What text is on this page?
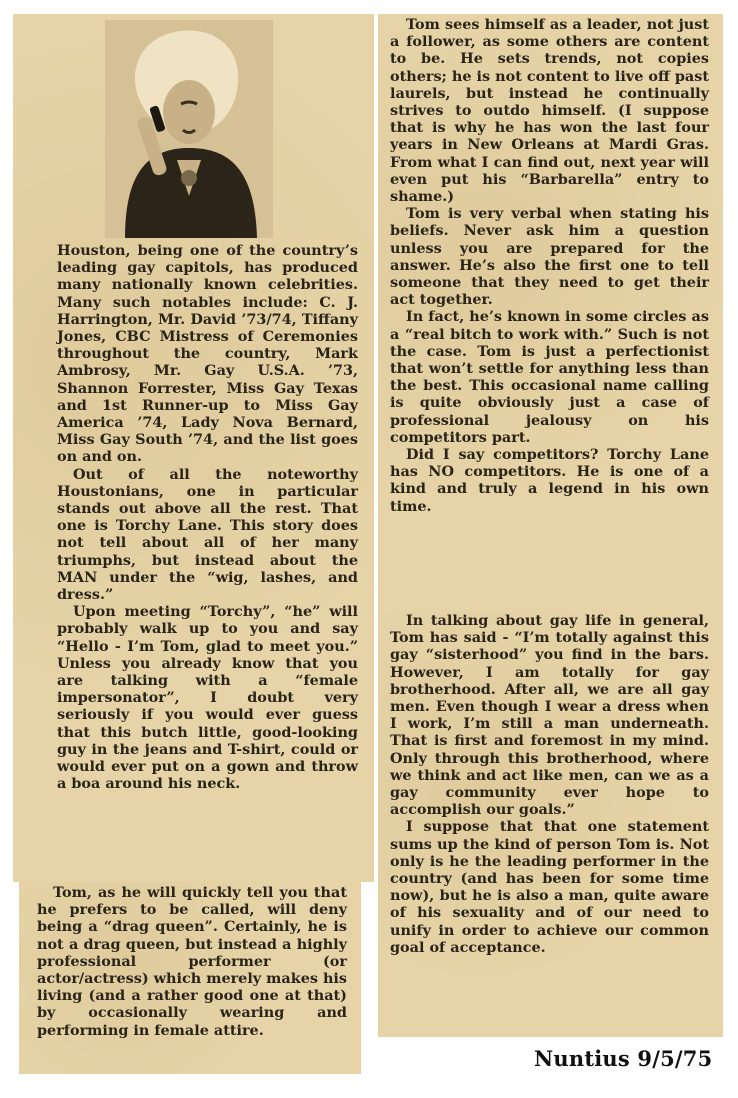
Houston, being one of the country’s leading gay capitols, has produced many nationally known celebrities. Many such notables include: C. J. Harrington, Mr. David ’73/74, Tiffany Jones, CBC Mistress of Ceremonies throughout the country, Mark Ambrosy, Mr. Gay U.S.A. ’73, Shannon Forrester, Miss Gay Texas and 1st Runner-up to Miss Gay America ’74, Lady Nova Bernard, Miss Gay South ’74, and the list goes on and on.

Out of all the noteworthy Houstonians, one in particular stands out above all the rest. That one is Torchy Lane. This story does not tell about all of her many triumphs, but instead about the MAN under the “wig, lashes, and dress.”

Upon meeting “Torchy”, “he” will probably walk up to you and say “Hello - I’m Tom, glad to meet you.” Unless you already know that you are talking with a “female impersonator”, I doubt very seriously if you would ever guess that this butch little, good-looking guy in the jeans and T-shirt, could or would ever put on a gown and throw a boa around his neck.

Tom, as he will quickly tell you that he prefers to be called, will deny being a “drag queen”. Certainly, he is not a drag queen, but instead a highly professional performer (or actor/actress) which merely makes his living (and a rather good one at that) by occasionally wearing and performing in female attire.

Tom sees himself as a leader, not just a follower, as some others are content to be. He sets trends, not copies others; he is not content to live off past laurels, but instead he continually strives to outdo himself. (I suppose that is why he has won the last four years in New Orleans at Mardi Gras. From what I can find out, next year will even put his “Barbarella” entry to shame.)

Tom is very verbal when stating his beliefs. Never ask him a question unless you are prepared for the answer. He’s also the first one to tell someone that they need to get their act together.

In fact, he’s known in some circles as a “real bitch to work with.” Such is not the case. Tom is just a perfectionist that won’t settle for anything less than the best. This occasional name calling is quite obviously just a case of professional jealousy on his competitors part.

Did I say competitors? Torchy Lane has NO competitors. He is one of a kind and truly a legend in his own time.

In talking about gay life in general, Tom has said - “I’m totally against this gay “sisterhood” you find in the bars. However, I am totally for gay brotherhood. After all, we are all gay men. Even though I wear a dress when I work, I’m still a man underneath. That is first and foremost in my mind. Only through this brotherhood, where we think and act like men, can we as a gay community ever hope to accomplish our goals.”

I suppose that that one statement sums up the kind of person Tom is. Not only is he the leading performer in the country (and has been for some time now), but he is also a man, quite aware of his sexuality and of our need to unify in order to achieve our common goal of acceptance.

Nuntius 9/5/75
